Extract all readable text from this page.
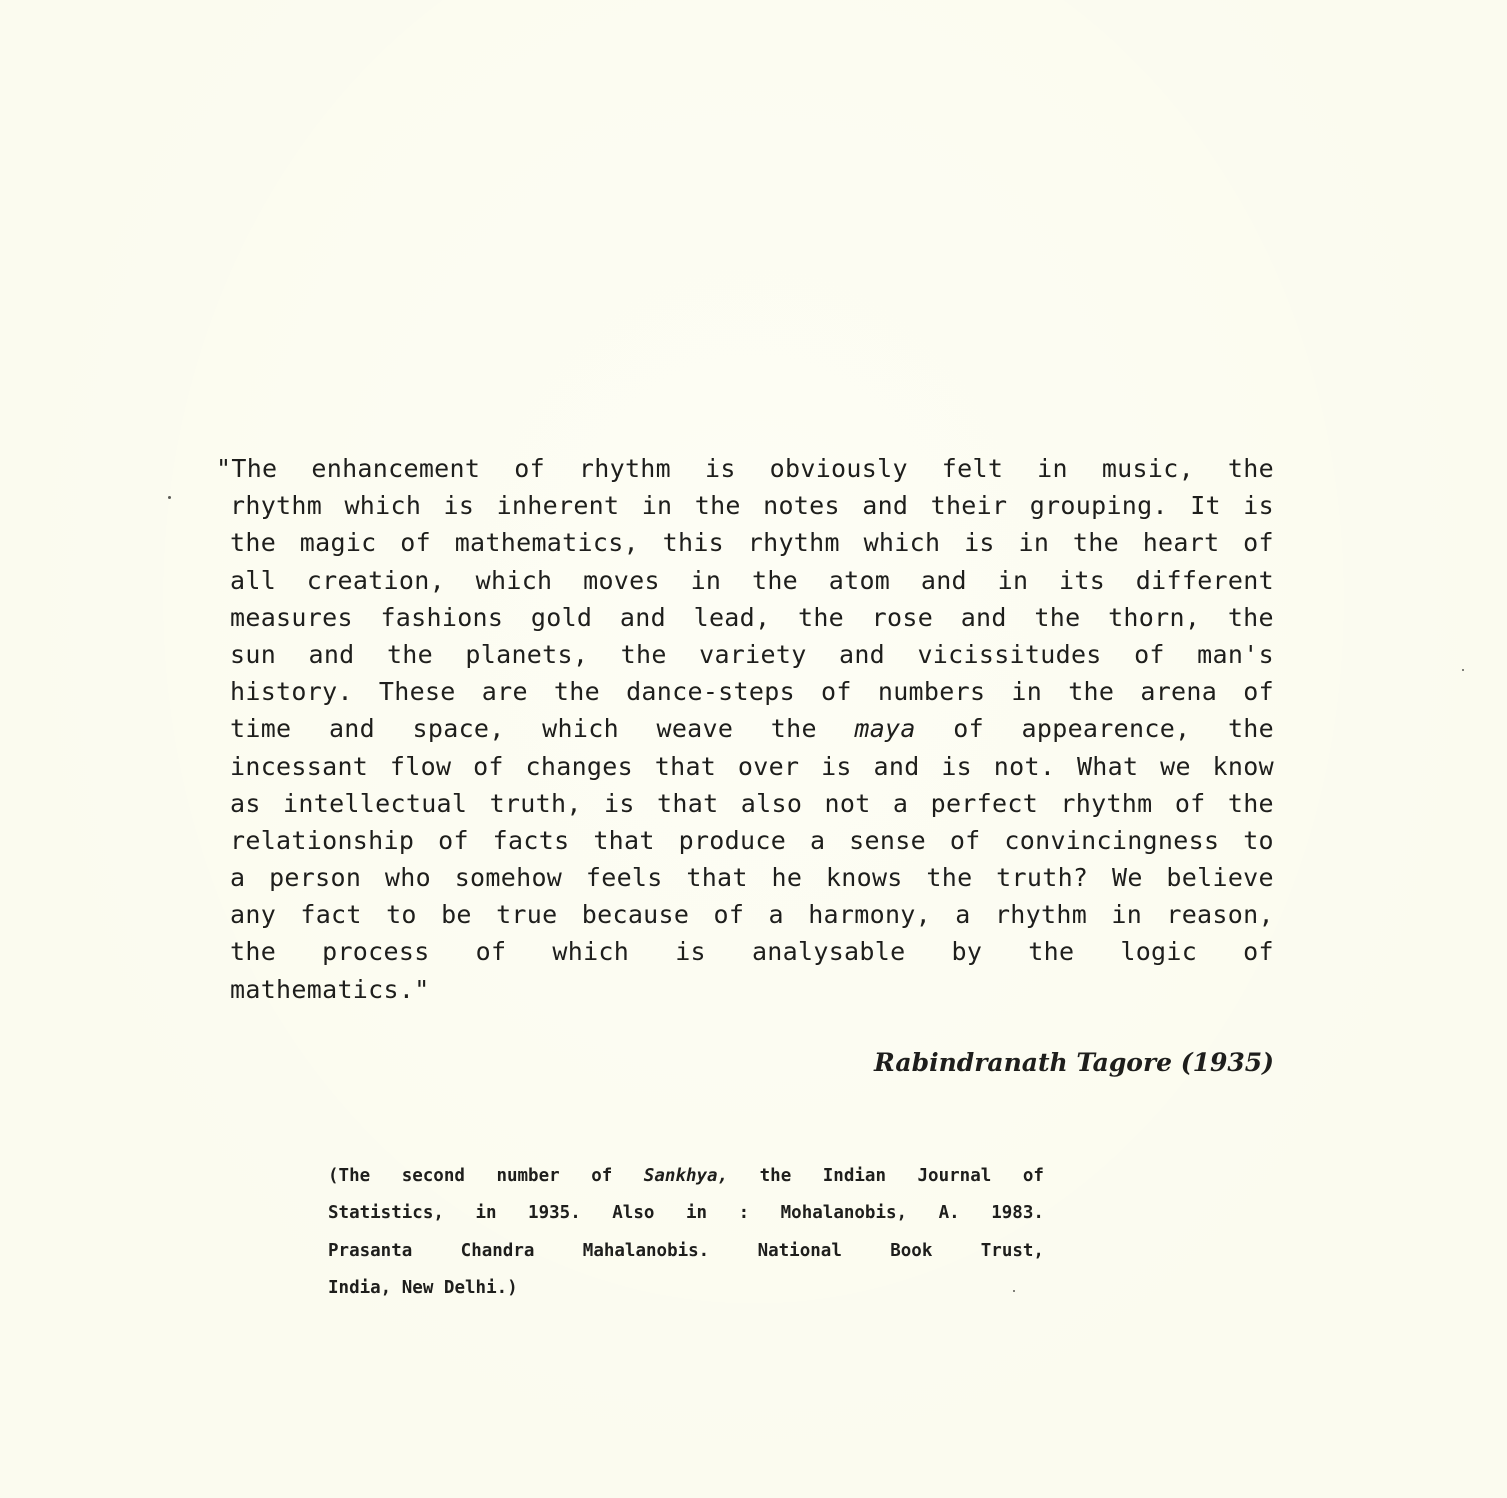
"The enhancement of rhythm is obviously felt in music, the
rhythm which is inherent in the notes and their grouping. It is
the magic of mathematics, this rhythm which is in the heart of
all creation, which moves in the atom and in its different
measures fashions gold and lead, the rose and the thorn, the
sun and the planets, the variety and vicissitudes of man's
history. These are the dance-steps of numbers in the arena of
time and space, which weave the maya of appearence, the
incessant flow of changes that over is and is not. What we know
as intellectual truth, is that also not a perfect rhythm of the
relationship of facts that produce a sense of convincingness to
a person who somehow feels that he knows the truth? We believe
any fact to be true because of a harmony, a rhythm in reason,
the process of which is analysable by the logic of
mathematics."

Rabindranath Tagore (1935)
(The second number of Sankhya, the Indian Journal of
Statistics, in 1935. Also in : Mohalanobis, A. 1983.
Prasanta	Chandra	Mahalanobis.	National	Book	Trust,
India,
New
Delhi.)
